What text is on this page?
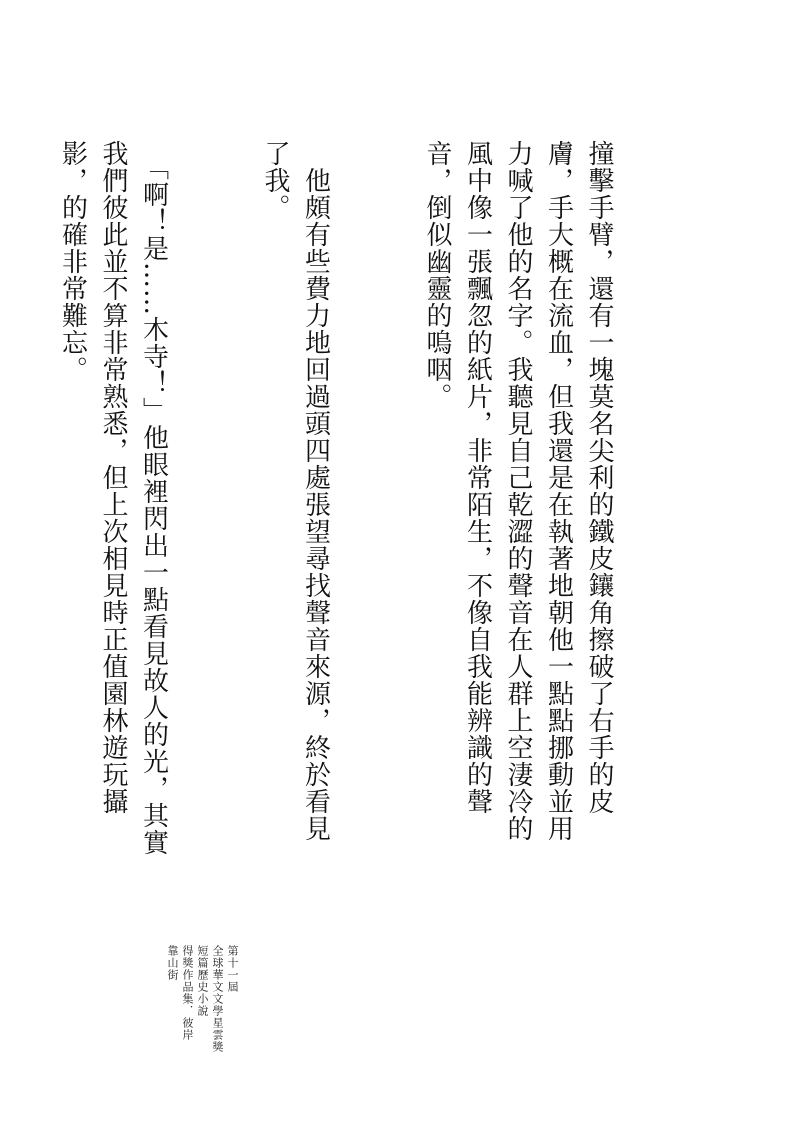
撞擊手臂，還有一塊莫名尖利的鐵皮鑲角擦破了右手的皮膚，手大概在流血，但我還是在執著地朝他一點點挪動並用力喊了他的名字。我聽見自己乾澀的聲音在人群上空淒冷的風中像一張飄忽的紙片，非常陌生，不像自我能辨識的聲音，倒似幽靈的嗚咽。

　他頗有些費力地回過頭四處張望尋找聲音來源，終於看見了我。

　「啊！是……木寺！」他眼裡閃出一點看見故人的光，其實我們彼此並不算非常熟悉，但上次相見時正值園林遊玩攝影，的確非常難忘。

第十一屆
全球華文文學星雲獎
短篇歷史小說
得獎作品集．彼岸
靠山街
